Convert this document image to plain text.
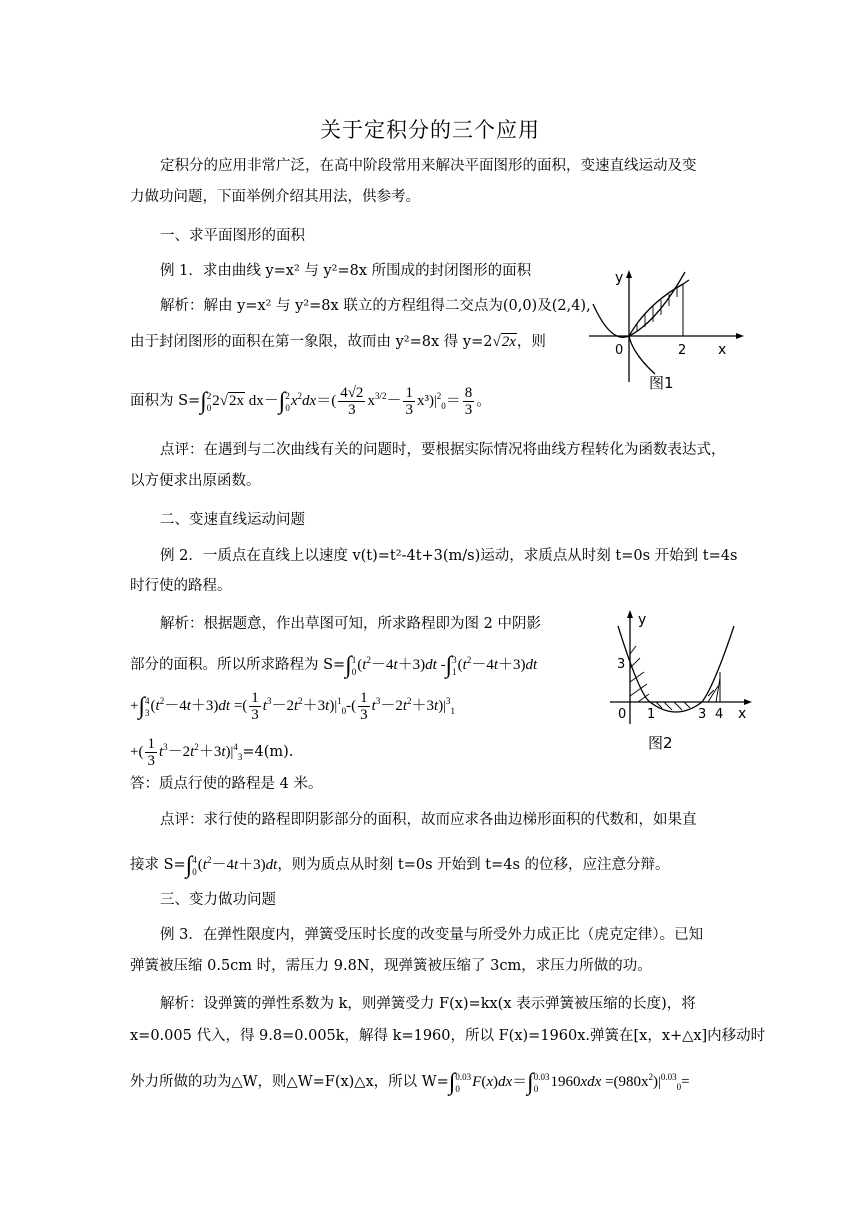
关于定积分的三个应用
定积分的应用非常广泛，在高中阶段常用来解决平面图形的面积，变速直线运动及变
力做功问题，下面举例介绍其用法，供参考。
一、求平面图形的面积
例 1．求由曲线 y=x² 与 y²=8x 所围成的封闭图形的面积
解析：解由 y=x² 与 y²=8x 联立的方程组得二交点为(0,0)及(2,4),
由于封闭图形的面积在第一象限，故而由 y²=8x 得 y=2√2x，则
面积为 S=∫ 2
0 2√2x dx－∫ 2
0 $x^2dx=( \frac{4√2}{3} x^{3/2}- \frac{1}{3} x^3)|^2_0= \frac{8}{3}$ 。
y
0	2 x
图1
点评：在遇到与二次曲线有关的问题时，要根据实际情况将曲线方程转化为函数表达式，
以方便求出原函数。
二、变速直线运动问题
例 2．一质点在直线上以速度 v(t)=t²-4t+3(m/s)运动，求质点从时刻 t=0s 开始到 t=4s
时行使的路程。
解析：根据题意，作出草图可知，所求路程即为图 2 中阴影
部分的面积。所以所求路程为 S=∫ 1
0 $(t^2-4t+3)dt$ -∫ 3
1 $(t^2-4t+3)dt$
+∫ 4
3 $(t^2-4t+3)dt$ =( $\frac{1}{3} t^3-2t^2+3t)|^1_0-( \frac{1}{3} t^3-2t^2+3t)|^3_1$
+( $\frac{1}{3} t^3-2t^2+3t)|^4_3=4(m)$.
y
3
0 1	3 4 x
图2
答：质点行使的路程是 4 米。
点评：求行使的路程即阴影部分的面积，故而应求各曲边梯形面积的代数和，如果直
接求 S=∫ 4
0 $(t^2-4t+3)dt$，则为质点从时刻 t=0s 开始到 t=4s 的位移，应注意分辩。
三、变力做功问题
例 3．在弹性限度内，弹簧受压时长度的改变量与所受外力成正比（虎克定律）。已知
弹簧被压缩 0.5cm 时，需压力 9.8N，现弹簧被压缩了 3cm，求压力所做的功。
解析：设弹簧的弹性系数为 k，则弹簧受力 F(x)=kx(x 表示弹簧被压缩的长度)，将
x=0.005 代入，得 9.8=0.005k，解得 k=1960，所以 F(x)=1960x.弹簧在[x，x+△x]内移动时
外力所做的功为△W，则△W=F(x)△x，所以 W=∫ 0.03
0 F(x)dx＝∫ 0.03
0 $1960xdx =(980x^2)|^{0.03}_0=$
